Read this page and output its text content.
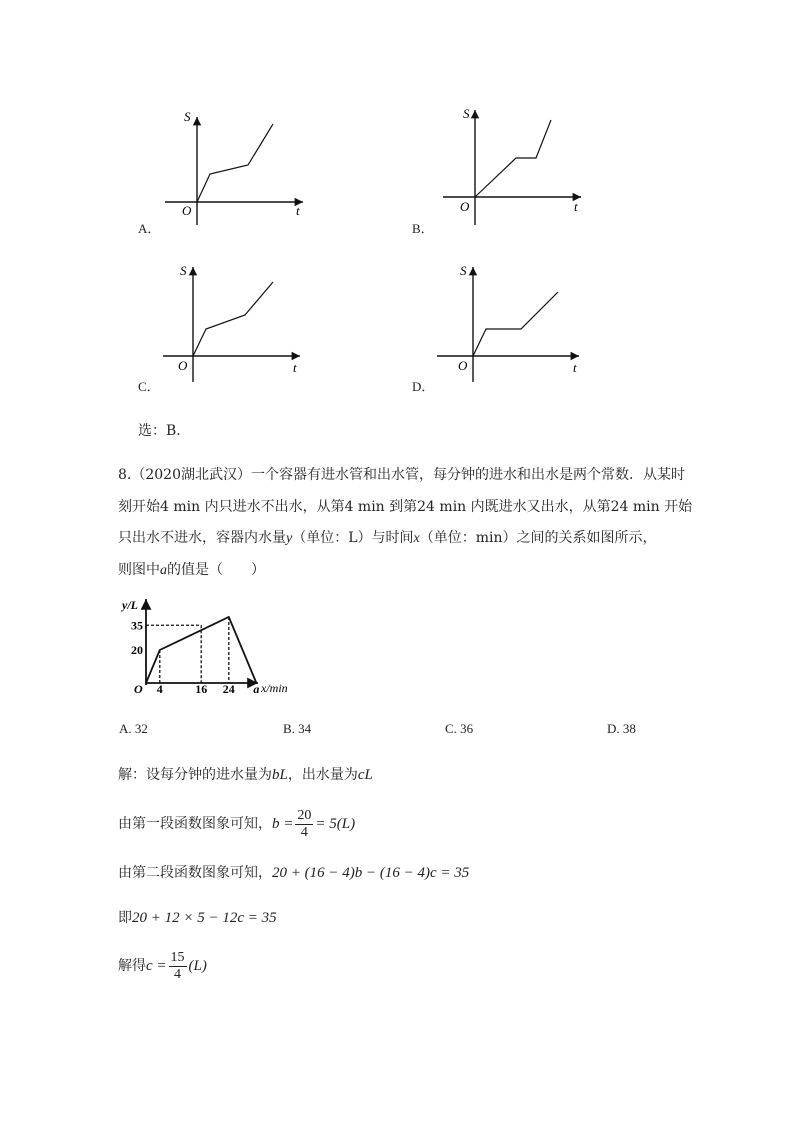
S
t
O
A．
S
t
O
B．
S
t
O
C．
S
t
O
D．
选：B．
8.（2020湖北武汉）一个容器有进水管和出水管，每分钟的进水和出水是两个常数．从某时
刻开始4 min 内只进水不出水，从第4 min 到第24 min 内既进水又出水，从第24 min 开始
只出水不进水，容器内水量y（单位：L）与时间x（单位：min）之间的关系如图所示，
则图中a的值是（　　）
y/L
x/min
O
20
35
4	16 24 a
A. 32	B. 34	C. 36	D. 38
解：设每分钟的进水量为bL，出水量为cL
由第一段函数图象可知，$b = \frac{20}{4} = 5(L)$
由第二段函数图象可知，20 + (16 − 4)b − (16 − 4)c = 35
即20 + 12 × 5 − 12c = 35
解得$c = \frac{15}{4} (L)$
